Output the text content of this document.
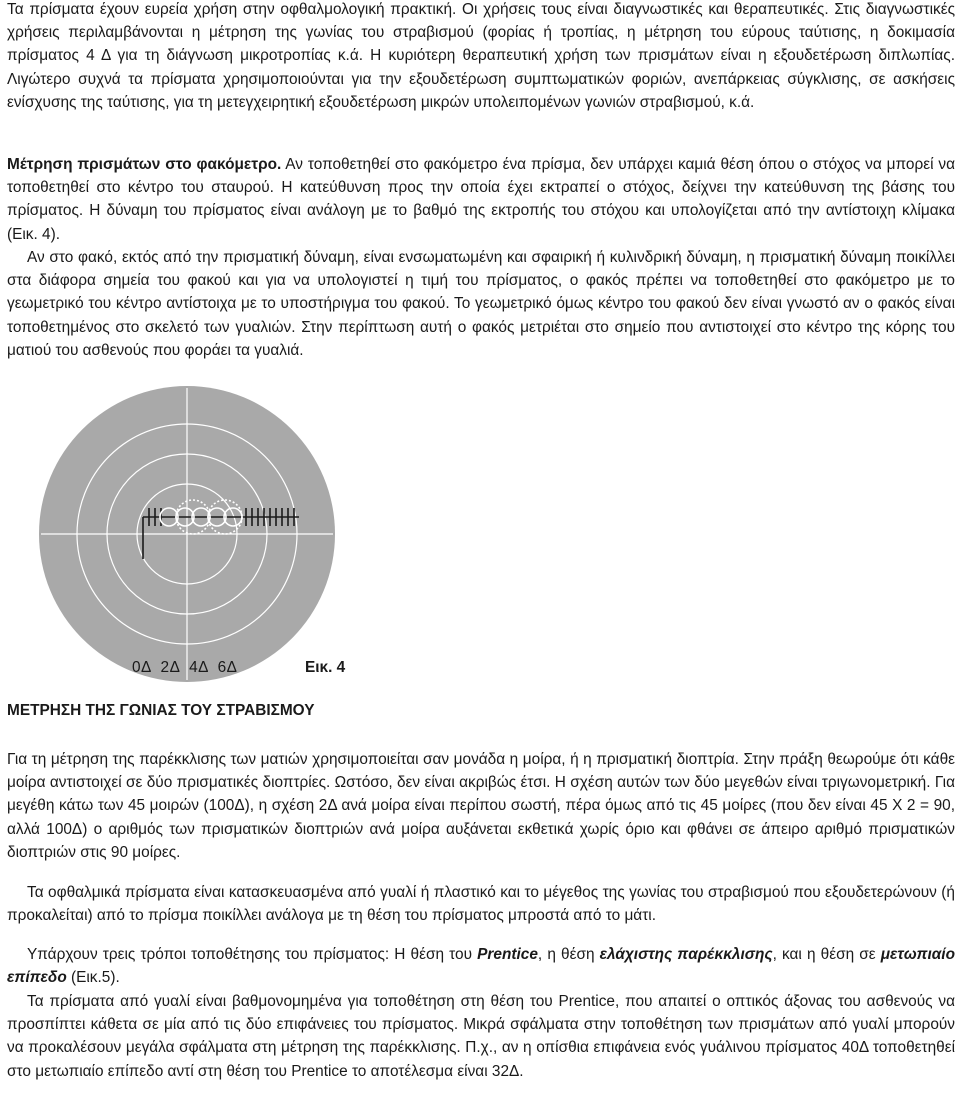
Τα πρίσματα έχουν ευρεία χρήση στην οφθαλμολογική πρακτική. Οι χρήσεις τους είναι διαγνωστικές και θεραπευτικές. Στις διαγνωστικές χρήσεις περιλαμβάνονται η μέτρηση της γωνίας του στραβισμού (φορίας ή τροπίας, η μέτρηση του εύρους ταύτισης, η δοκιμασία πρίσματος 4 Δ για τη διάγνωση μικροτροπίας κ.ά. Η κυριότερη θεραπευτική χρήση των πρισμάτων είναι η εξουδετέρωση διπλωπίας. Λιγώτερο συχνά τα πρίσματα χρησιμοποιούνται για την εξουδετέρωση συμπτωματικών φοριών, ανεπάρκειας σύγκλισης, σε ασκήσεις ενίσχυσης της ταύτισης, για τη μετεγχειρητική εξουδετέρωση μικρών υπολειπομένων γωνιών στραβισμού, κ.ά.

Μέτρηση πρισμάτων στο φακόμετρο. Αν τοποθετηθεί στο φακόμετρο ένα πρίσμα, δεν υπάρχει καμιά θέση όπου ο στόχος να μπορεί να τοποθετηθεί στο κέντρο του σταυρού. Η κατεύθυνση προς την οποία έχει εκτραπεί ο στόχος, δείχνει την κατεύθυνση της βάσης του πρίσματος. Η δύναμη του πρίσματος είναι ανάλογη με το βαθμό της εκτροπής του στόχου και υπολογίζεται από την αντίστοιχη κλίμακα (Εικ. 4).

Αν στο φακό, εκτός από την πρισματική δύναμη, είναι ενσωματωμένη και σφαιρική ή κυλινδρική δύναμη, η πρισματική δύναμη ποικίλλει στα διάφορα σημεία του φακού και για να υπολογιστεί η τιμή του πρίσματος, ο φακός πρέπει να τοποθετηθεί στο φακόμετρο με το γεωμετρικό του κέντρο αντίστοιχα με το υποστήριγμα του φακού. Το γεωμετρικό όμως κέντρο του φακού δεν είναι γνωστό αν ο φακός είναι τοποθετημένος στο σκελετό των γυαλιών. Στην περίπτωση αυτή ο φακός μετριέται στο σημείο που αντιστοιχεί στο κέντρο της κόρης του ματιού του ασθενούς που φοράει τα γυαλιά.

0Δ  2Δ  4Δ  6Δ	Εικ. 4
ΜΕΤΡΗΣΗ ΤΗΣ ΓΩΝΙΑΣ ΤΟΥ ΣΤΡΑΒΙΣΜΟΥ

Για τη μέτρηση της παρέκκλισης των ματιών χρησιμοποιείται σαν μονάδα η μοίρα, ή η πρισματική διοπτρία. Στην πράξη θεωρούμε ότι κάθε μοίρα αντιστοιχεί σε δύο πρισματικές διοπτρίες. Ωστόσο, δεν είναι ακριβώς έτσι. Η σχέση αυτών των δύο μεγεθών είναι τριγωνομετρική. Για μεγέθη κάτω των 45 μοιρών (100Δ), η σχέση 2Δ ανά μοίρα είναι περίπου σωστή, πέρα όμως από τις 45 μοίρες (που δεν είναι 45 Χ 2 = 90, αλλά 100Δ) ο αριθμός των πρισματικών διοπτριών ανά μοίρα αυξάνεται εκθετικά χωρίς όριο και φθάνει σε άπειρο αριθμό πρισματικών διοπτριών στις 90 μοίρες.

Τα οφθαλμικά πρίσματα είναι κατασκευασμένα από γυαλί ή πλαστικό και το μέγεθος της γωνίας του στραβισμού που εξουδετερώνουν (ή προκαλείται) από το πρίσμα ποικίλλει ανάλογα με τη θέση του πρίσματος μπροστά από το μάτι.

Υπάρχουν τρεις τρόποι τοποθέτησης του πρίσματος: Η θέση του Prentice, η θέση ελάχιστης παρέκκλισης, και η θέση σε μετωπιαίο επίπεδο (Εικ.5).

Τα πρίσματα από γυαλί είναι βαθμονομημένα για τοποθέτηση στη θέση του Prentice, που απαιτεί ο οπτικός άξονας του ασθενούς να προσπίπτει κάθετα σε μία από τις δύο επιφάνειες του πρίσματος. Μικρά σφάλματα στην τοποθέτηση των πρισμάτων από γυαλί μπορούν να προκαλέσουν μεγάλα σφάλματα στη μέτρηση της παρέκκλισης. Π.χ., αν η οπίσθια επιφάνεια ενός γυάλινου πρίσματος 40Δ τοποθετηθεί στο μετωπιαίο επίπεδο αντί στη θέση του Prentice το αποτέλεσμα είναι 32Δ.
